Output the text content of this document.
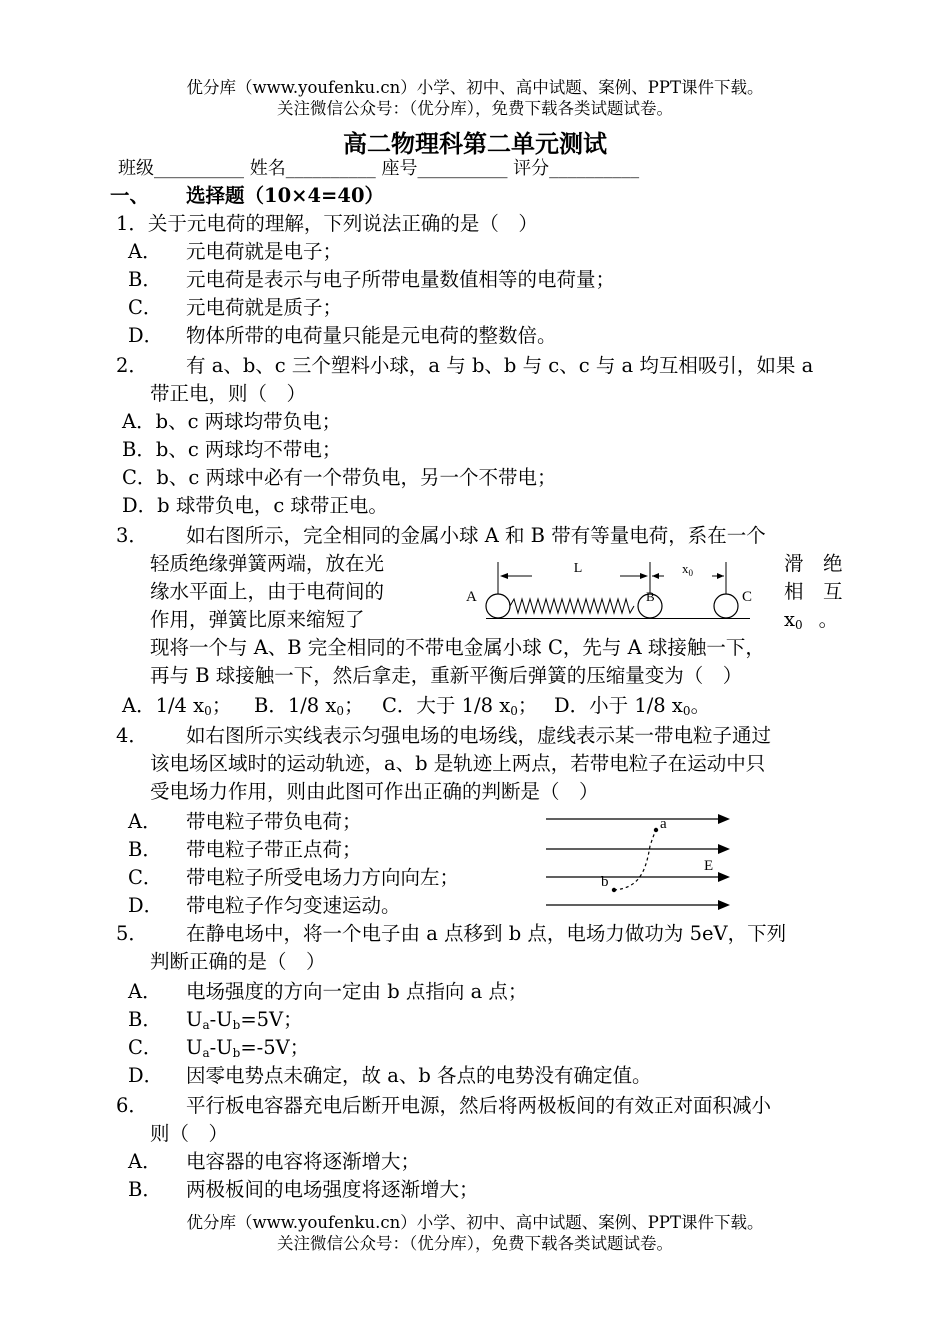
优分库（www.youfenku.cn）小学、初中、高中试题、案例、PPT课件下载。
关注微信公众号：（优分库），免费下载各类试题试卷。
高二物理科第二单元测试
班级__________ 姓名__________ 座号__________ 评分__________
一、 选择题（10×4=40）
1．关于元电荷的理解，下列说法正确的是（　）
A． 元电荷就是电子；
B． 元电荷是表示与电子所带电量数值相等的电荷量；
C． 元电荷就是质子；
D． 物体所带的电荷量只能是元电荷的整数倍。
2． 有 a、b、c 三个塑料小球，a 与 b、b 与 c、c 与 a 均互相吸引，如果 a
带正电，则（　）
A．b、c 两球均带负电；
B．b、c 两球均不带电；
C．b、c 两球中必有一个带负电，另一个不带电；
D．b 球带负电，c 球带正电。
3． 如右图所示，完全相同的金属小球 A 和 B 带有等量电荷，系在一个
轻质绝缘弹簧两端，放在光	滑　绝
缘水平面上，由于电荷间的	相　互
作用，弹簧比原来缩短了	$x_0$ 。
现将一个与 A、B 完全相同的不带电金属小球 C，先与 A 球接触一下，
再与 B 球接触一下，然后拿走，重新平衡后弹簧的压缩量变为（　）
A．1/4 $x_0$； B．1/8 $x_0$； C．大于 1/8 $x_0$； D．小于 1/8 $x_0$。
L	$x_0$
A	B	C
4． 如右图所示实线表示匀强电场的电场线，虚线表示某一带电粒子通过
该电场区域时的运动轨迹，a、b 是轨迹上两点，若带电粒子在运动中只
受电场力作用，则由此图可作出正确的判断是（　）
A． 带电粒子带负电荷；
B． 带电粒子带正点荷；
C． 带电粒子所受电场力方向向左；
D． 带电粒子作匀变速运动。
a
b
E
5． 在静电场中，将一个电子由 a 点移到 b 点，电场力做功为 5eV，下列
判断正确的是（　）
A． 电场强度的方向一定由 b 点指向 a 点；
B． $U_a-U_b=5V$；
C． $U_a-U_b=-5V$；
D． 因零电势点未确定，故 a、b 各点的电势没有确定值。
6． 平行板电容器充电后断开电源，然后将两极板间的有效正对面积减小
则（　）
A． 电容器的电容将逐渐增大；
B． 两极板间的电场强度将逐渐增大；
优分库（www.youfenku.cn）小学、初中、高中试题、案例、PPT课件下载。
关注微信公众号：（优分库），免费下载各类试题试卷。
